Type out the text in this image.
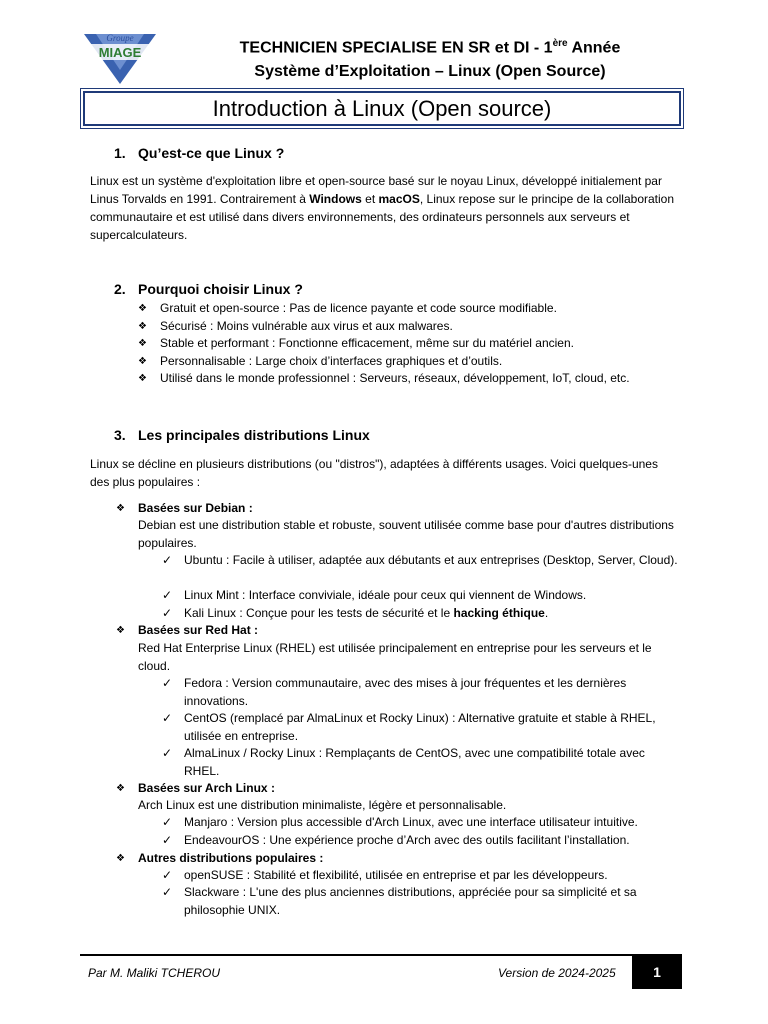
Groupe
MIAGE	TECHNICIEN SPECIALISE EN SR et DI - 1ère Année
Système d’Exploitation – Linux (Open Source)
Introduction à Linux (Open source)
1. Qu’est-ce que Linux ?
Linux est un système d'exploitation libre et open-source basé sur le noyau Linux, développé initialement par Linus Torvalds en 1991. Contrairement à Windows et macOS, Linux repose sur le principe de la collaboration communautaire et est utilisé dans divers environnements, des ordinateurs personnels aux serveurs et supercalculateurs.
2. Pourquoi choisir Linux ?
❖ Gratuit et open-source : Pas de licence payante et code source modifiable.
❖ Sécurisé : Moins vulnérable aux virus et aux malwares.
❖ Stable et performant : Fonctionne efficacement, même sur du matériel ancien.
❖ Personnalisable : Large choix d’interfaces graphiques et d’outils.
❖ Utilisé dans le monde professionnel : Serveurs, réseaux, développement, IoT, cloud, etc.
3. Les principales distributions Linux
Linux se décline en plusieurs distributions (ou "distros"), adaptées à différents usages. Voici quelques-unes des plus populaires :
❖ Basées sur Debian :
Debian est une distribution stable et robuste, souvent utilisée comme base pour d'autres distributions populaires.
✓ Ubuntu : Facile à utiliser, adaptée aux débutants et aux entreprises (Desktop, Server, Cloud).
✓ Linux Mint : Interface conviviale, idéale pour ceux qui viennent de Windows.
✓ Kali Linux : Conçue pour les tests de sécurité et le hacking éthique.
❖ Basées sur Red Hat :
Red Hat Enterprise Linux (RHEL) est utilisée principalement en entreprise pour les serveurs et le cloud.
✓ Fedora : Version communautaire, avec des mises à jour fréquentes et les dernières innovations.
✓ CentOS (remplacé par AlmaLinux et Rocky Linux) : Alternative gratuite et stable à RHEL, utilisée en entreprise.
✓ AlmaLinux / Rocky Linux : Remplaçants de CentOS, avec une compatibilité totale avec RHEL.
❖ Basées sur Arch Linux :
Arch Linux est une distribution minimaliste, légère et personnalisable.
✓ Manjaro : Version plus accessible d'Arch Linux, avec une interface utilisateur intuitive.
✓ EndeavourOS : Une expérience proche d’Arch avec des outils facilitant l’installation.
❖ Autres distributions populaires :
✓ openSUSE : Stabilité et flexibilité, utilisée en entreprise et par les développeurs.
✓ Slackware : L'une des plus anciennes distributions, appréciée pour sa simplicité et sa philosophie UNIX.
Par M. Maliki TCHEROU	Version de 2024-2025	1
